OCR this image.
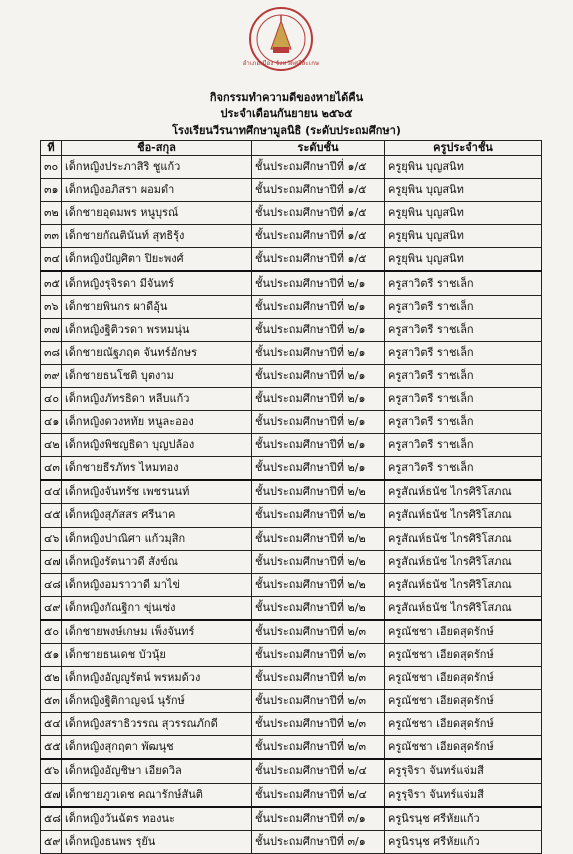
อำเภอเมือง จังหวัดศรีสะเกษ
กิจกรรมทำความดีของหายได้คืน
ประจำเดือนกันยายน ๒๕๖๕
โรงเรียนวีรนาทศึกษามูลนิธิ (ระดับประถมศึกษา)
ที่	ชื่อ-สกุล	ระดับชั้น	ครูประจำชั้น
๓๐	เด็กหญิงประภาสิริ ชูแก้ว	ชั้นประถมศึกษาปีที่ ๑/๕	ครูยุพิน บุญสนิท
๓๑	เด็กหญิงอภิสรา ผอมดำ	ชั้นประถมศึกษาปีที่ ๑/๕	ครูยุพิน บุญสนิท
๓๒	เด็กชายอุดมพร หนูบุรณ์	ชั้นประถมศึกษาปีที่ ๑/๕	ครูยุพิน บุญสนิท
๓๓	เด็กชายกัณตินันท์ สุทธิรุ้ง	ชั้นประถมศึกษาปีที่ ๑/๕	ครูยุพิน บุญสนิท
๓๔	เด็กหญิงปัญศิตา ปิยะพงศ์	ชั้นประถมศึกษาปีที่ ๑/๕	ครูยุพิน บุญสนิท
๓๕	เด็กหญิงรุจิรดา มีจันทร์	ชั้นประถมศึกษาปีที่ ๒/๑	ครูสาวิตรี ราชเล็ก
๓๖	เด็กชายพินกร ผาดีอุ้น	ชั้นประถมศึกษาปีที่ ๒/๑	ครูสาวิตรี ราชเล็ก
๓๗	เด็กหญิงฐิติวรดา พรหมนุ่น	ชั้นประถมศึกษาปีที่ ๒/๑	ครูสาวิตรี ราชเล็ก
๓๘	เด็กชายณัฐภฤต จันทร์อักษร	ชั้นประถมศึกษาปีที่ ๒/๑	ครูสาวิตรี ราชเล็ก
๓๙	เด็กชายธนโชติ บุตงาม	ชั้นประถมศึกษาปีที่ ๒/๑	ครูสาวิตรี ราชเล็ก
๔๐	เด็กหญิงภัทรธิดา หลีบแก้ว	ชั้นประถมศึกษาปีที่ ๒/๑	ครูสาวิตรี ราชเล็ก
๔๑	เด็กหญิงดวงหทัย หนูละออง	ชั้นประถมศึกษาปีที่ ๒/๑	ครูสาวิตรี ราชเล็ก
๔๒	เด็กหญิงพิชญธิดา บุญปล้อง	ชั้นประถมศึกษาปีที่ ๒/๑	ครูสาวิตรี ราชเล็ก
๔๓	เด็กชายธีรภัทร ไหมทอง	ชั้นประถมศึกษาปีที่ ๒/๑	ครูสาวิตรี ราชเล็ก
๔๔	เด็กหญิงจันทรัช เพชรนนท์	ชั้นประถมศึกษาปีที่ ๒/๒	ครูสัณห์ธนัช ไกรศิริโสภณ
๔๕	เด็กหญิงสุภัสสร ศรีนาค	ชั้นประถมศึกษาปีที่ ๒/๒	ครูสัณห์ธนัช ไกรศิริโสภณ
๔๖	เด็กหญิงปาณิศา แก้วมุสิก	ชั้นประถมศึกษาปีที่ ๒/๒	ครูสัณห์ธนัช ไกรศิริโสภณ
๔๗	เด็กหญิงรัตนาวดี สังข์ณ	ชั้นประถมศึกษาปีที่ ๒/๒	ครูสัณห์ธนัช ไกรศิริโสภณ
๔๘	เด็กหญิงอมราวาดี มาไข่	ชั้นประถมศึกษาปีที่ ๒/๒	ครูสัณห์ธนัช ไกรศิริโสภณ
๔๙	เด็กหญิงกัณฐิกา ขุ่นเซ่ง	ชั้นประถมศึกษาปีที่ ๒/๒	ครูสัณห์ธนัช ไกรศิริโสภณ
๕๐	เด็กชายพงษ์เกษม เพ็งจันทร์	ชั้นประถมศึกษาปีที่ ๒/๓	ครูณัชชา เอียดสุดรักษ์
๕๑	เด็กชายธนเดช บัวนุ้ย	ชั้นประถมศึกษาปีที่ ๒/๓	ครูณัชชา เอียดสุดรักษ์
๕๒	เด็กหญิงอัญญูรัตน์ พรหมด้วง	ชั้นประถมศึกษาปีที่ ๒/๓	ครูณัชชา เอียดสุดรักษ์
๕๓	เด็กหญิงฐิติกาญจน์ นุรักษ์	ชั้นประถมศึกษาปีที่ ๒/๓	ครูณัชชา เอียดสุดรักษ์
๕๔	เด็กหญิงสราธิวรรณ สุวรรณภักดี	ชั้นประถมศึกษาปีที่ ๒/๓	ครูณัชชา เอียดสุดรักษ์
๕๕	เด็กหญิงสุกฤตา พัฒนุช	ชั้นประถมศึกษาปีที่ ๒/๓	ครูณัชชา เอียดสุดรักษ์
๕๖	เด็กหญิงอัญชิษา เอียดวิล	ชั้นประถมศึกษาปีที่ ๒/๔	ครูรุจิรา จันทร์แจ่มสี
๕๗	เด็กชายภูวเดช คณารักษ์สันติ	ชั้นประถมศึกษาปีที่ ๒/๔	ครูรุจิรา จันทร์แจ่มสี
๕๘	เด็กหญิงวันฉัตร ทองนะ	ชั้นประถมศึกษาปีที่ ๓/๑	ครูนิรนุช ศรีหัยแก้ว
๕๙	เด็กหญิงธนพร รุยัน	ชั้นประถมศึกษาปีที่ ๓/๑	ครูนิรนุช ศรีหัยแก้ว
